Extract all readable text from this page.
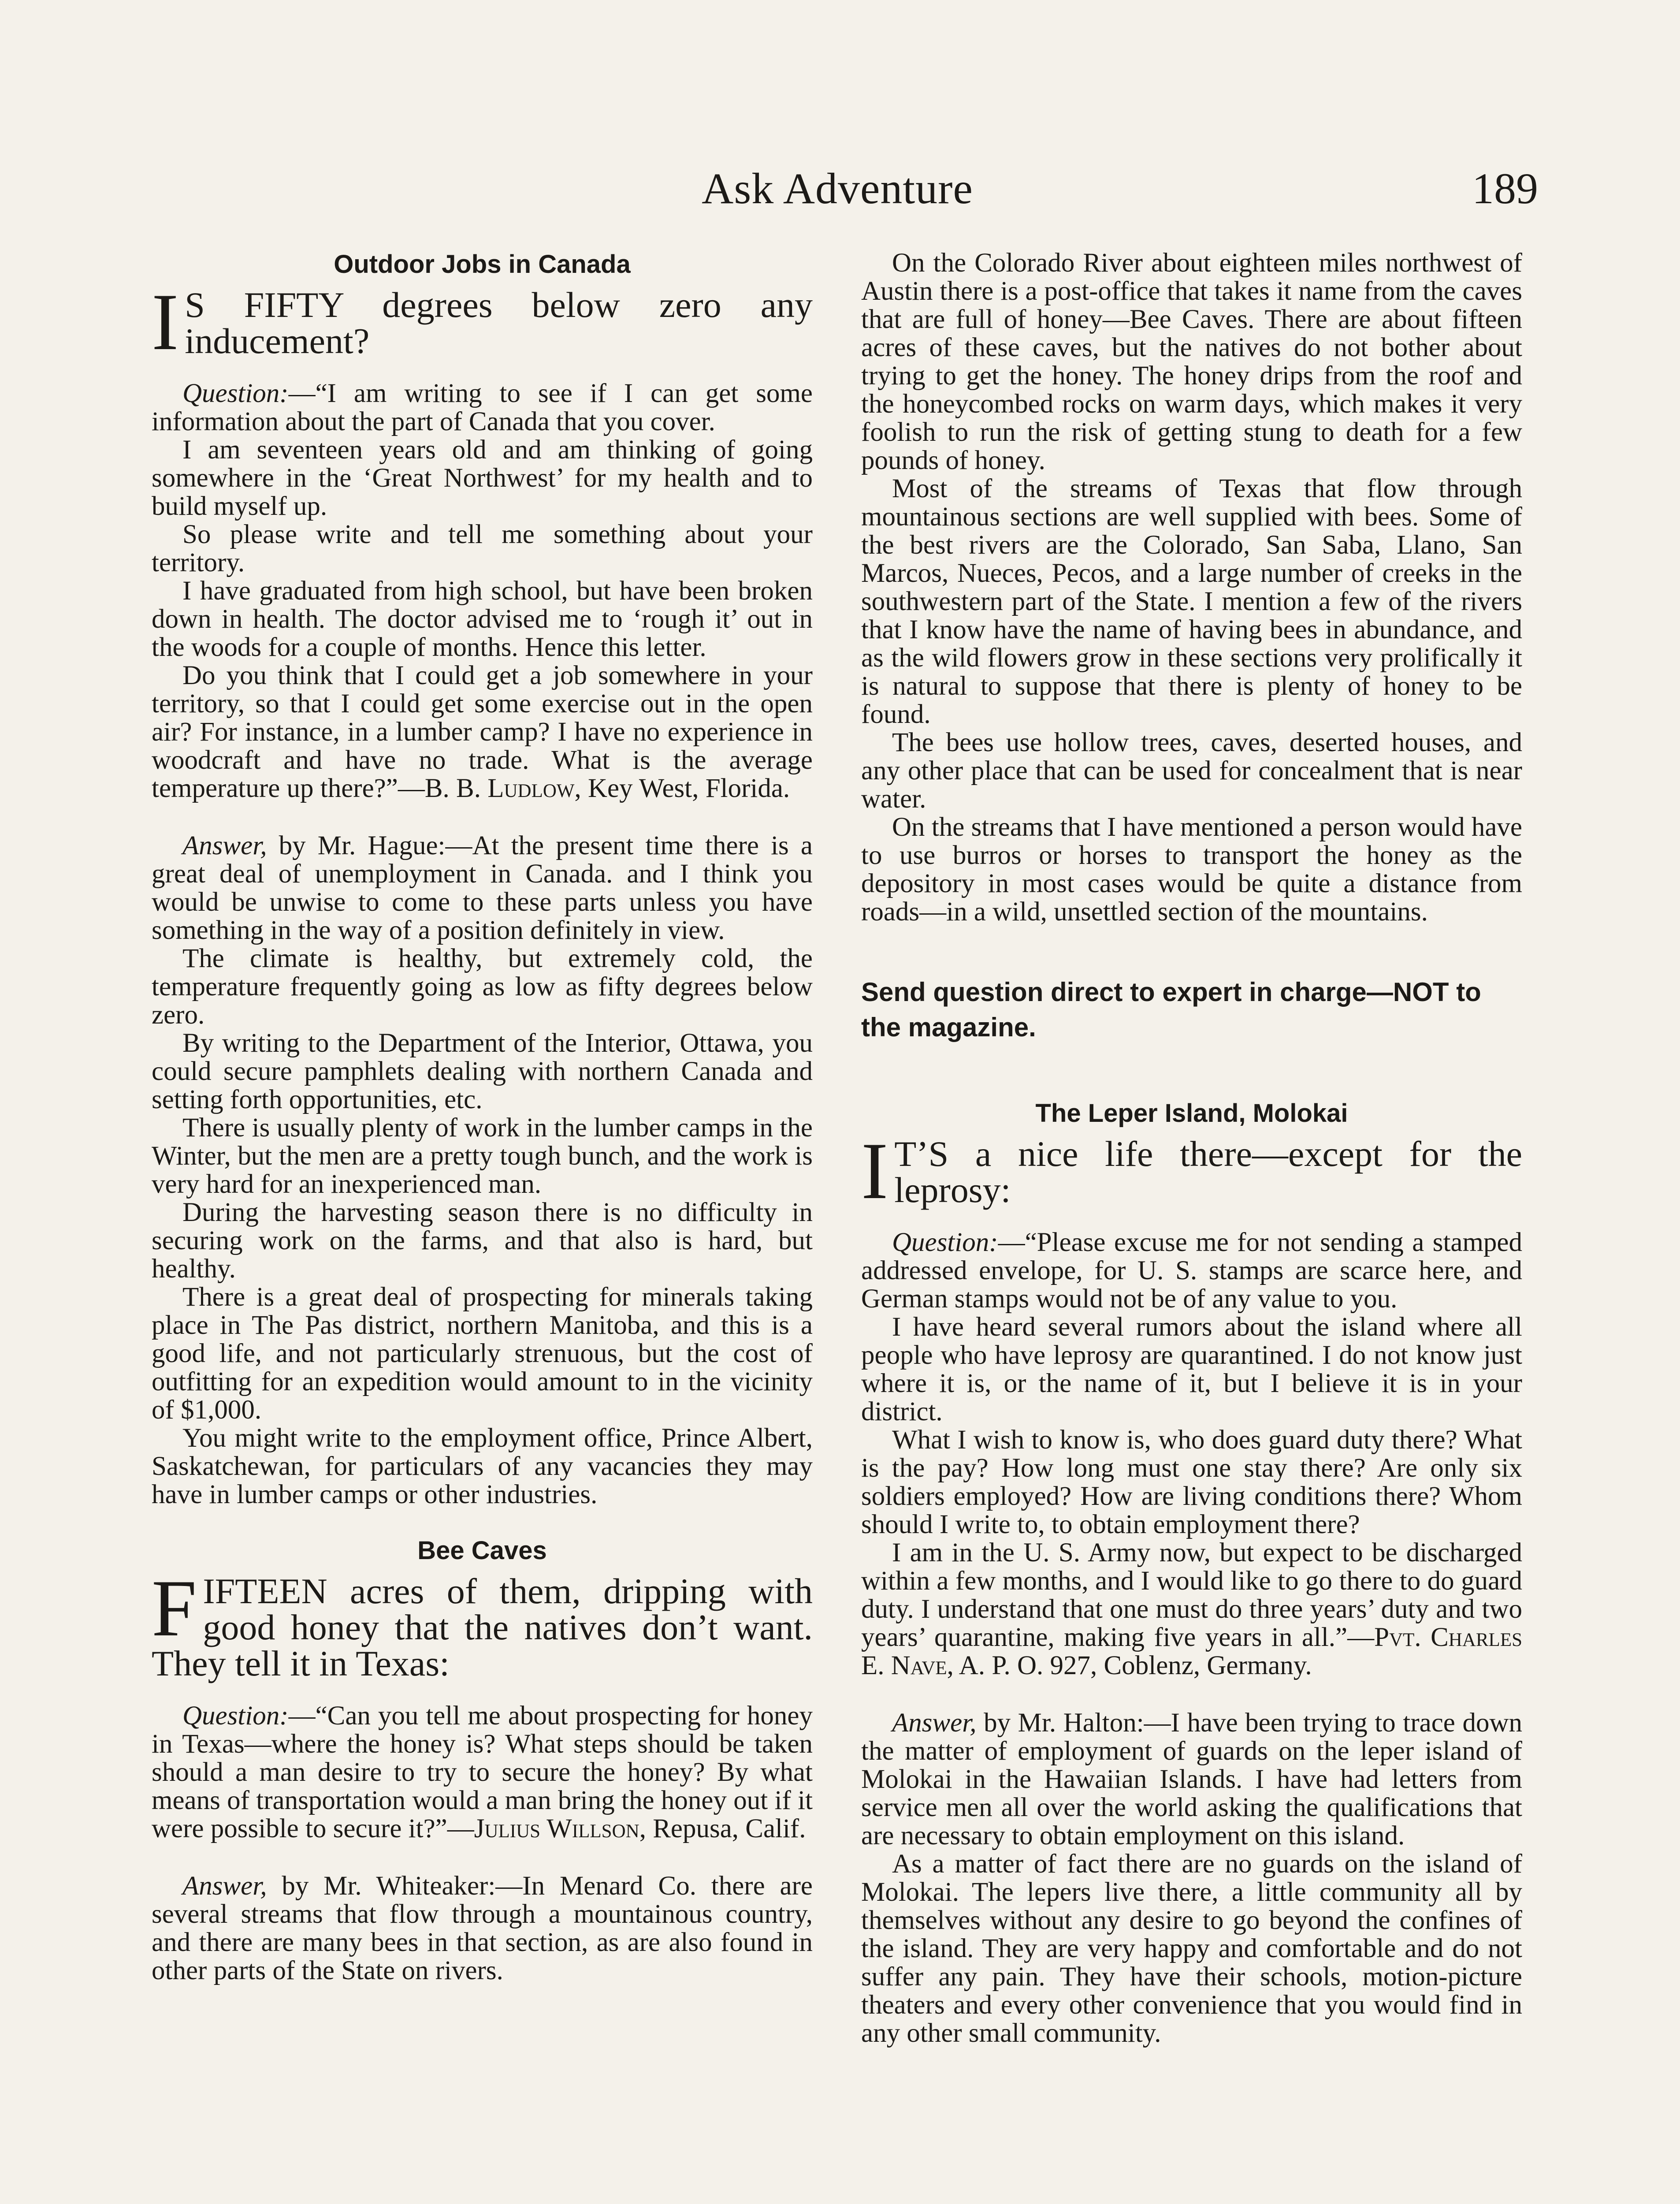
Ask Adventure	189
Outdoor Jobs in Canada
I S FIFTY degrees below zero any inducement?

Question:—“I am writing to see if I can get some information about the part of Canada that you cover.

I am seventeen years old and am thinking of going somewhere in the ‘Great Northwest’ for my health and to build myself up.

So please write and tell me something about your territory.

I have graduated from high school, but have been broken down in health. The doctor advised me to ‘rough it’ out in the woods for a couple of months. Hence this letter.

Do you think that I could get a job somewhere in your territory, so that I could get some exercise out in the open air? For instance, in a lumber camp? I have no experience in woodcraft and have no trade. What is the average temperature up there?”—B. B. Ludlow, Key West, Florida.

Answer, by Mr. Hague:—At the present time there is a great deal of unemployment in Canada. and I think you would be unwise to come to these parts unless you have something in the way of a position definitely in view.

The climate is healthy, but extremely cold, the temperature frequently going as low as fifty degrees below zero.

By writing to the Department of the Interior, Ottawa, you could secure pamphlets dealing with northern Canada and setting forth opportunities, etc.

There is usually plenty of work in the lumber camps in the Winter, but the men are a pretty tough bunch, and the work is very hard for an inexperienced man.

During the harvesting season there is no difficulty in securing work on the farms, and that also is hard, but healthy.

There is a great deal of prospecting for minerals taking place in The Pas district, northern Manitoba, and this is a good life, and not particularly strenuous, but the cost of outfitting for an expedition would amount to in the vicinity of $1,000.

You might write to the employment office, Prince Albert, Saskatchewan, for particulars of any vacancies they may have in lumber camps or other industries.

Bee Caves
FIFTEEN acres of them, dripping with good honey that the natives don’t want. They tell it in Texas:

Question:—“Can you tell me about prospecting for honey in Texas—where the honey is? What steps should be taken should a man desire to try to secure the honey? By what means of transportation would a man bring the honey out if it were possible to secure it?”—Julius Willson, Repusa, Calif.

Answer, by Mr. Whiteaker:—In Menard Co. there are several streams that flow through a mountainous country, and there are many bees in that section, as are also found in other parts of the State on rivers.

On the Colorado River about eighteen miles northwest of Austin there is a post-office that takes it name from the caves that are full of honey—Bee Caves. There are about fifteen acres of these caves, but the natives do not bother about trying to get the honey. The honey drips from the roof and the honeycombed rocks on warm days, which makes it very foolish to run the risk of getting stung to death for a few pounds of honey.

Most of the streams of Texas that flow through mountainous sections are well supplied with bees. Some of the best rivers are the Colorado, San Saba, Llano, San Marcos, Nueces, Pecos, and a large number of creeks in the southwestern part of the State. I mention a few of the rivers that I know have the name of having bees in abundance, and as the wild flowers grow in these sections very prolifically it is natural to suppose that there is plenty of honey to be found.

The bees use hollow trees, caves, deserted houses, and any other place that can be used for concealment that is near water.

On the streams that I have mentioned a person would have to use burros or horses to transport the honey as the depository in most cases would be quite a distance from roads—in a wild, unsettled section of the mountains.

Send question direct to expert in charge—NOT to the magazine.
The Leper Island, Molokai
I T’S a nice life there—except for the leprosy:

Question:—“Please excuse me for not sending a stamped addressed envelope, for U. S. stamps are scarce here, and German stamps would not be of any value to you.

I have heard several rumors about the island where all people who have leprosy are quarantined. I do not know just where it is, or the name of it, but I believe it is in your district.

What I wish to know is, who does guard duty there? What is the pay? How long must one stay there? Are only six soldiers employed? How are living conditions there? Whom should I write to, to obtain employment there?

I am in the U. S. Army now, but expect to be discharged within a few months, and I would like to go there to do guard duty. I understand that one must do three years’ duty and two years’ quarantine, making five years in all.”—Pvt. Charles E. Nave, A. P. O. 927, Coblenz, Germany.

Answer, by Mr. Halton:—I have been trying to trace down the matter of employment of guards on the leper island of Molokai in the Hawaiian Islands. I have had letters from service men all over the world asking the qualifications that are necessary to obtain employment on this island.

As a matter of fact there are no guards on the island of Molokai. The lepers live there, a little community all by themselves without any desire to go beyond the confines of the island. They are very happy and comfortable and do not suffer any pain. They have their schools, motion-picture theaters and every other convenience that you would find in any other small community.
